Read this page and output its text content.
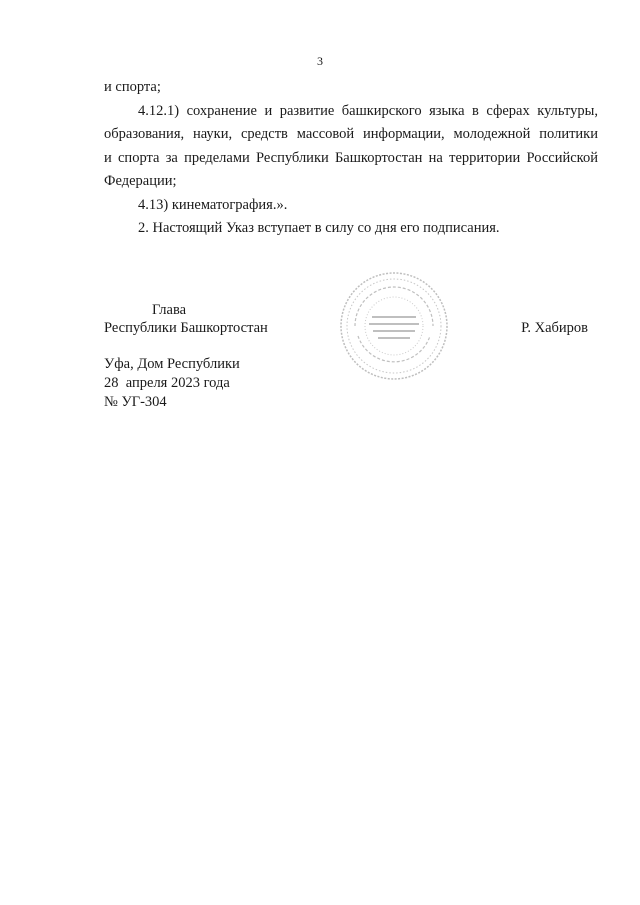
3
и спорта;
4.12.1) сохранение и развитие башкирского языка в сферах культуры,
образования, науки, средств массовой информации, молодежной политики
и спорта за пределами Республики Башкортостан на территории Российской
Федерации;
4.13) кинематография.».
2. Настоящий Указ вступает в силу со дня его подписания.
Глава
Республики Башкортостан	Р. Хабиров
Уфа, Дом Республики
28  апреля 2023 года
№ УГ-304
